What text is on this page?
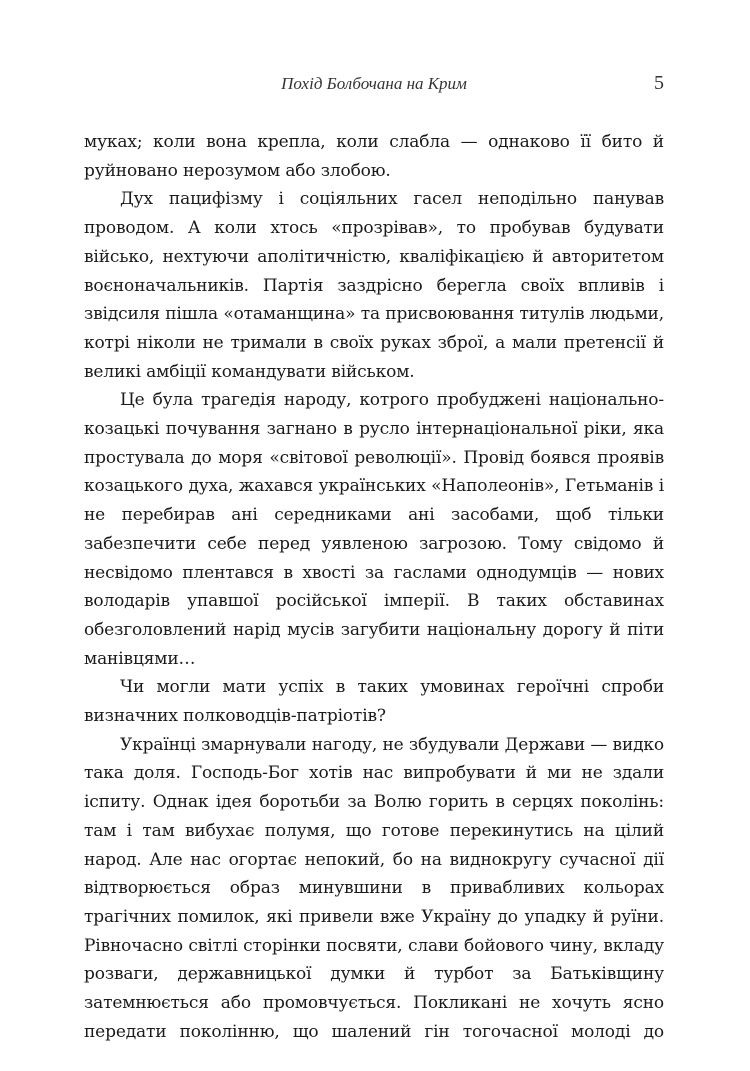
Похід Болбочана на Крим	5

муках; коли вона крепла, коли слабла — однаково її бито й руйновано нерозумом або злобою.

Дух пацифізму і соціяльних гасел неподільно панував проводом. А коли хтось «прозрівав», то пробував будувати військо, нехтуючи аполітичністю, кваліфікацією й авторитетом воєноначальників. Партія заздрісно берегла своїх впливів і звідсиля пішла «отаманщина» та присвоювання титулів людьми, котрі ніколи не тримали в своїх руках зброї, а мали претенсії й великі амбіції командувати військом.

Це була трагедія народу, котрого пробуджені національно-козацькі почування загнано в русло інтернаціональної ріки, яка простувала до моря «світової революції». Провід боявся проявів козацького духа, жахався українських «Наполеонів», Гетьманів і не перебирав ані середниками ані засобами, щоб тільки забезпечити себе перед уявленою загрозою. Тому свідомо й несвідомо плентався в хвості за гаслами однодумців — нових володарів упавшої російської імперії. В таких обставинах обезголовлений нарід мусів загубити національну дорогу й піти манівцями…

Чи могли мати успіх в таких умовинах героїчні спроби визначних полководців-патріотів?

Українці змарнували нагоду, не збудували Держави — видко така доля. Господь-Бог хотів нас випробувати й ми не здали іспиту. Однак ідея боротьби за Волю горить в серцях поколінь: там і там вибухає полумя, що готове перекинутись на цілий народ. Але нас огортає непокий, бо на виднокругу сучасної дії відтворюється образ минувшини в привабливих кольорах трагічних помилок, які привели вже Україну до упадку й руїни. Рівночасно світлі сторінки посвяти, слави бойового чину, вкладу розваги, державницької думки й турбот за Батьківщину затемнюється або промовчується. Покликані не хочуть ясно передати поколінню, що шалений гін тогочасної молоді до
